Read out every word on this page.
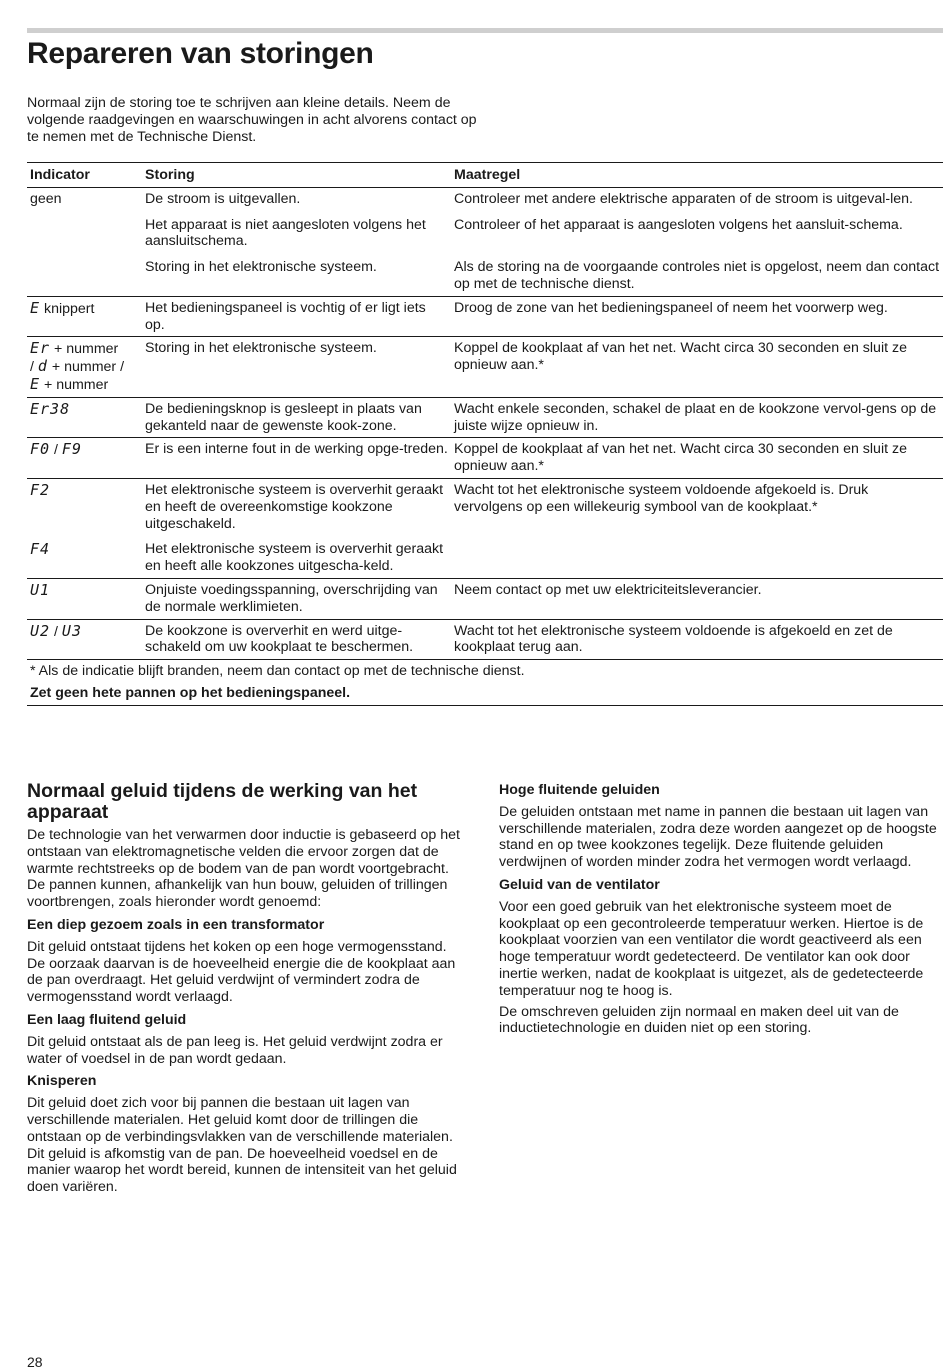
Repareren van storingen

Normaal zijn de storing toe te schrijven aan kleine details. Neem de volgende raadgevingen en waarschuwingen in acht alvorens contact op te nemen met de Technische Dienst.

Indicator	Storing	Maatregel
geen	De stroom is uitgevallen.	Controleer met andere elektrische apparaten of de stroom is uitgeval-len.
	Het apparaat is niet aangesloten volgens het aansluitschema.	Controleer of het apparaat is aangesloten volgens het aansluit-schema.
	Storing in het elektronische systeem.	Als de storing na de voorgaande controles niet is opgelost, neem dan contact op met de technische dienst.
E knippert	Het bedieningspaneel is vochtig of er ligt iets op.	Droog de zone van het bedieningspaneel of neem het voorwerp weg.
Er + nummer
/ d + nummer /
E + nummer	Storing in het elektronische systeem.	Koppel de kookplaat af van het net. Wacht circa 30 seconden en sluit ze opnieuw aan.*
Er38	De bedieningsknop is gesleept in plaats van gekanteld naar de gewenste kook-zone.	Wacht enkele seconden, schakel de plaat en de kookzone vervol-gens op de juiste wijze opnieuw in.
F0 / F9	Er is een interne fout in de werking opge-treden.	Koppel de kookplaat af van het net. Wacht circa 30 seconden en sluit ze opnieuw aan.*
F2	Het elektronische systeem is oververhit geraakt en heeft de overeenkomstige kookzone uitgeschakeld.	Wacht tot het elektronische systeem voldoende afgekoeld is. Druk vervolgens op een willekeurig symbool van de kookplaat.*
F4	Het elektronische systeem is oververhit geraakt en heeft alle kookzones uitgescha-keld.	
U1	Onjuiste voedingsspanning, overschrijding van de normale werklimieten.	Neem contact op met uw elektriciteitsleverancier.
U2 / U3	De kookzone is oververhit en werd uitge-schakeld om uw kookplaat te beschermen.	Wacht tot het elektronische systeem voldoende is afgekoeld en zet de kookplaat terug aan.
* Als de indicatie blijft branden, neem dan contact op met de technische dienst.		
Zet geen hete pannen op het bedieningspaneel.		
Normaal geluid tijdens de werking van het apparaat

De technologie van het verwarmen door inductie is gebaseerd op het ontstaan van elektromagnetische velden die ervoor zorgen dat de warmte rechtstreeks op de bodem van de pan wordt voortgebracht. De pannen kunnen, afhankelijk van hun bouw, geluiden of trillingen voortbrengen, zoals hieronder wordt genoemd:

Een diep gezoem zoals in een transformator

Dit geluid ontstaat tijdens het koken op een hoge vermogensstand. De oorzaak daarvan is de hoeveelheid energie die de kookplaat aan de pan overdraagt. Het geluid verdwijnt of vermindert zodra de vermogensstand wordt verlaagd.

Een laag fluitend geluid

Dit geluid ontstaat als de pan leeg is. Het geluid verdwijnt zodra er water of voedsel in de pan wordt gedaan.

Knisperen

Dit geluid doet zich voor bij pannen die bestaan uit lagen van verschillende materialen. Het geluid komt door de trillingen die ontstaan op de verbindingsvlakken van de verschillende materialen. Dit geluid is afkomstig van de pan. De hoeveelheid voedsel en de manier waarop het wordt bereid, kunnen de intensiteit van het geluid doen variëren.

Hoge fluitende geluiden

De geluiden ontstaan met name in pannen die bestaan uit lagen van verschillende materialen, zodra deze worden aangezet op de hoogste stand en op twee kookzones tegelijk. Deze fluitende geluiden verdwijnen of worden minder zodra het vermogen wordt verlaagd.

Geluid van de ventilator

Voor een goed gebruik van het elektronische systeem moet de kookplaat op een gecontroleerde temperatuur werken. Hiertoe is de kookplaat voorzien van een ventilator die wordt geactiveerd als een hoge temperatuur wordt gedetecteerd. De ventilator kan ook door inertie werken, nadat de kookplaat is uitgezet, als de gedetecteerde temperatuur nog te hoog is.

De omschreven geluiden zijn normaal en maken deel uit van de inductietechnologie en duiden niet op een storing.

28
